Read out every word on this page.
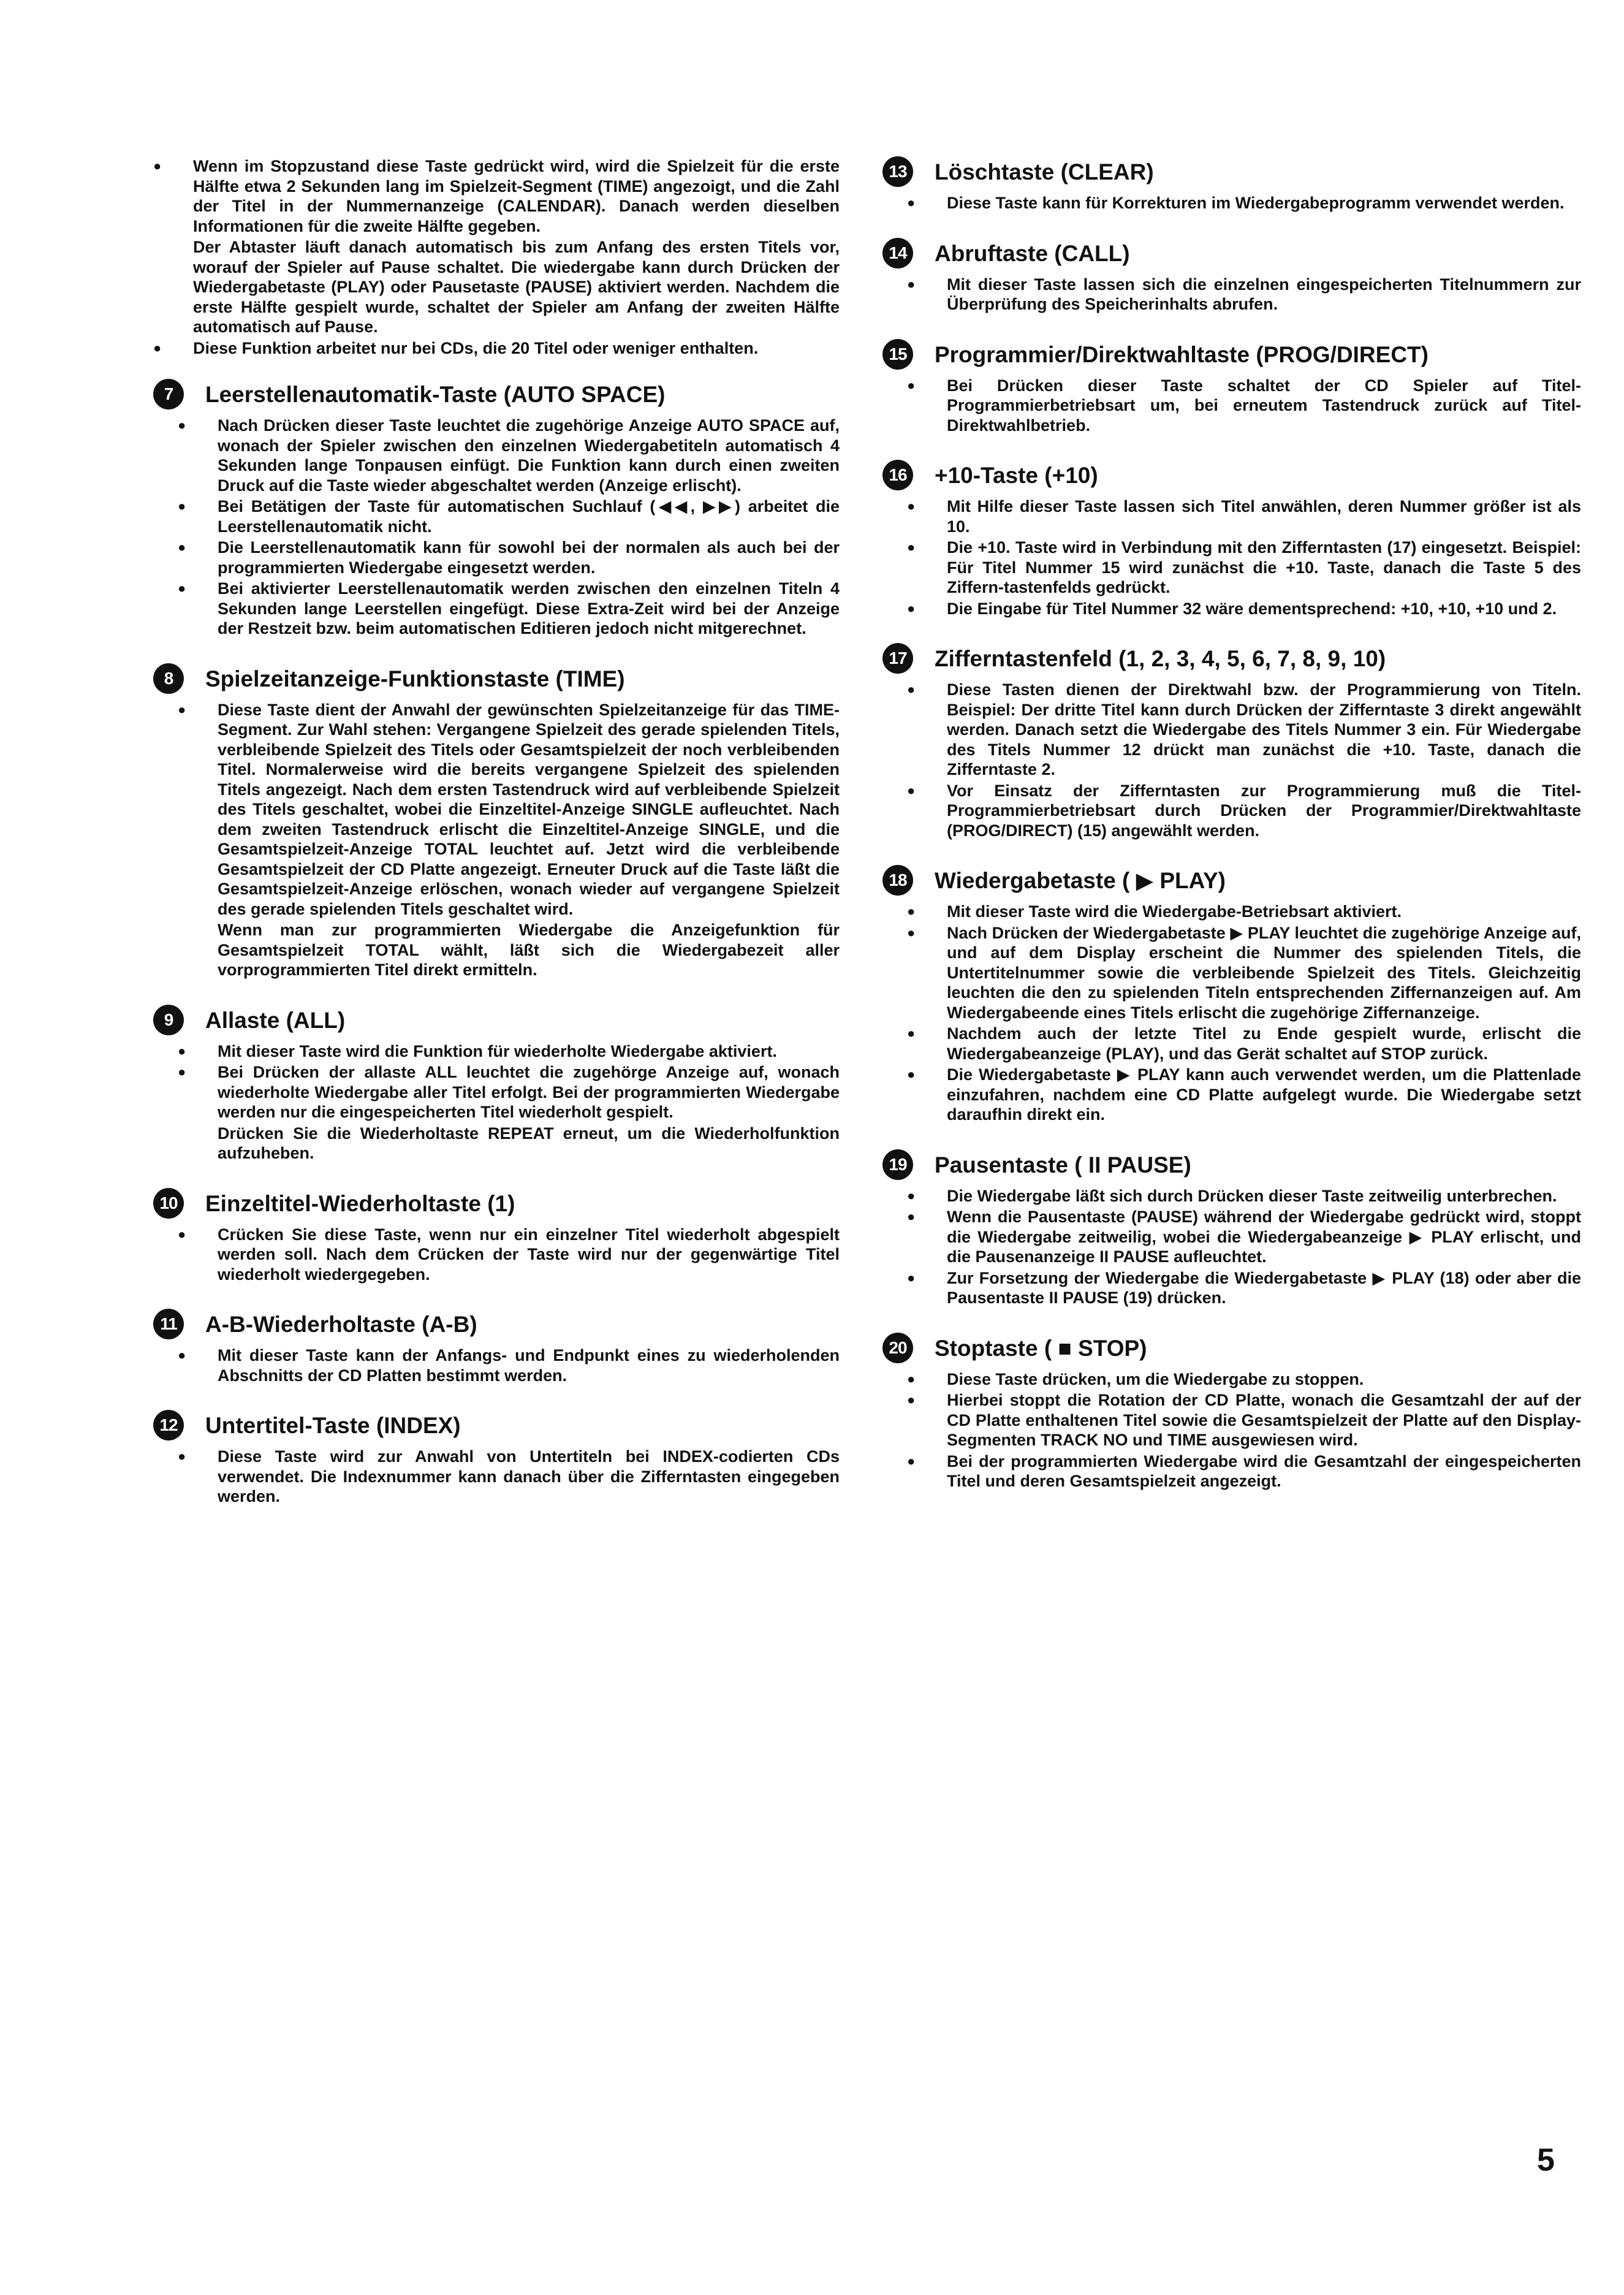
● Wenn im Stopzustand diese Taste gedrückt wird, wird die Spielzeit für die erste Hälfte etwa 2 Sekunden lang im Spielzeit-Segment (TIME) angezoigt, und die Zahl der Titel in der Nummernanzeige (CALENDAR). Danach werden dieselben Informationen für die zweite Hälfte gegeben.
Der Abtaster läuft danach automatisch bis zum Anfang des ersten Titels vor, worauf der Spieler auf Pause schaltet. Die wiedergabe kann durch Drücken der Wiedergabetaste (PLAY) oder Pausetaste (PAUSE) aktiviert werden. Nachdem die erste Hälfte gespielt wurde, schaltet der Spieler am Anfang der zweiten Hälfte automatisch auf Pause.
● Diese Funktion arbeitet nur bei CDs, die 20 Titel oder weniger enthalten.
7	Leerstellenautomatik-Taste (AUTO SPACE)
● Nach Drücken dieser Taste leuchtet die zugehörige Anzeige AUTO SPACE auf, wonach der Spieler zwischen den einzelnen Wiedergabetiteln automatisch 4 Sekunden lange Tonpausen einfügt. Die Funktion kann durch einen zweiten Druck auf die Taste wieder abgeschaltet werden (Anzeige erlischt).
● Bei Betätigen der Taste für automatischen Suchlauf (◀◀, ▶▶) arbeitet die Leerstellenautomatik nicht.
● Die Leerstellenautomatik kann für sowohl bei der normalen als auch bei der programmierten Wiedergabe eingesetzt werden.
● Bei aktivierter Leerstellenautomatik werden zwischen den einzelnen Titeln 4 Sekunden lange Leerstellen eingefügt. Diese Extra-Zeit wird bei der Anzeige der Restzeit bzw. beim automatischen Editieren jedoch nicht mitgerechnet.
8	Spielzeitanzeige-Funktionstaste (TIME)
● Diese Taste dient der Anwahl der gewünschten Spielzeitanzeige für das TIME-Segment. Zur Wahl stehen: Vergangene Spielzeit des gerade spielenden Titels, verbleibende Spielzeit des Titels oder Gesamtspielzeit der noch verbleibenden Titel. Normalerweise wird die bereits vergangene Spielzeit des spielenden Titels angezeigt. Nach dem ersten Tastendruck wird auf verbleibende Spielzeit des Titels geschaltet, wobei die Einzeltitel-Anzeige SINGLE aufleuchtet. Nach dem zweiten Tastendruck erlischt die Einzeltitel-Anzeige SINGLE, und die Gesamtspielzeit-Anzeige TOTAL leuchtet auf. Jetzt wird die verbleibende Gesamtspielzeit der CD Platte angezeigt. Erneuter Druck auf die Taste läßt die Gesamtspielzeit-Anzeige erlöschen, wonach wieder auf vergangene Spielzeit des gerade spielenden Titels geschaltet wird.
Wenn man zur programmierten Wiedergabe die Anzeigefunktion für Gesamtspielzeit TOTAL wählt, läßt sich die Wiedergabezeit aller vorprogrammierten Titel direkt ermitteln.
9	Allaste (ALL)
● Mit dieser Taste wird die Funktion für wiederholte Wiedergabe aktiviert.
● Bei Drücken der allaste ALL leuchtet die zugehörge Anzeige auf, wonach wiederholte Wiedergabe aller Titel erfolgt. Bei der programmierten Wiedergabe werden nur die eingespeicherten Titel wiederholt gespielt.
Drücken Sie die Wiederholtaste REPEAT erneut, um die Wiederholfunktion aufzuheben.
10 Einzeltitel-Wiederholtaste (1)
● Crücken Sie diese Taste, wenn nur ein einzelner Titel wiederholt abgespielt werden soll. Nach dem Crücken der Taste wird nur der gegenwärtige Titel wiederholt wiedergegeben.
11	A-B-Wiederholtaste (A-B)
● Mit dieser Taste kann der Anfangs- und Endpunkt eines zu wiederholenden Abschnitts der CD Platten bestimmt werden.
12 Untertitel-Taste (INDEX)
● Diese Taste wird zur Anwahl von Untertiteln bei INDEX-codierten CDs verwendet. Die Indexnummer kann danach über die Zifferntasten eingegeben werden.
13 Löschtaste (CLEAR)
● Diese Taste kann für Korrekturen im Wiedergabeprogramm verwendet werden.
14 Abruftaste (CALL)
● Mit dieser Taste lassen sich die einzelnen eingespeicherten Titelnummern zur Überprüfung des Speicherinhalts abrufen.
15 Programmier/Direktwahltaste (PROG/DIRECT)
● Bei Drücken dieser Taste schaltet der CD Spieler auf Titel-Programmierbetriebsart um, bei erneutem Tastendruck zurück auf Titel-Direktwahlbetrieb.
16 +10-Taste (+10)
● Mit Hilfe dieser Taste lassen sich Titel anwählen, deren Nummer größer ist als 10.
● Die +10. Taste wird in Verbindung mit den Zifferntasten (17) eingesetzt. Beispiel: Für Titel Nummer 15 wird zunächst die +10. Taste, danach die Taste 5 des Ziffern-tastenfelds gedrückt.
● Die Eingabe für Titel Nummer 32 wäre dementsprechend: +10, +10, +10 und 2.
17 Zifferntastenfeld (1, 2, 3, 4, 5, 6, 7, 8, 9, 10)
● Diese Tasten dienen der Direktwahl bzw. der Programmierung von Titeln. Beispiel: Der dritte Titel kann durch Drücken der Zifferntaste 3 direkt angewählt werden. Danach setzt die Wiedergabe des Titels Nummer 3 ein. Für Wiedergabe des Titels Nummer 12 drückt man zunächst die +10. Taste, danach die Zifferntaste 2.
● Vor Einsatz der Zifferntasten zur Programmierung muß die Titel-Programmierbetriebsart durch Drücken der Programmier/Direktwahltaste (PROG/DIRECT) (15) angewählt werden.
18 Wiedergabetaste ( ▶ PLAY)
● Mit dieser Taste wird die Wiedergabe-Betriebsart aktiviert.
● Nach Drücken der Wiedergabetaste ▶ PLAY leuchtet die zugehörige Anzeige auf, und auf dem Display erscheint die Nummer des spielenden Titels, die Untertitelnummer sowie die verbleibende Spielzeit des Titels. Gleichzeitig leuchten die den zu spielenden Titeln entsprechenden Ziffernanzeigen auf. Am Wiedergabeende eines Titels erlischt die zugehörige Ziffernanzeige.
● Nachdem auch der letzte Titel zu Ende gespielt wurde, erlischt die Wiedergabeanzeige (PLAY), und das Gerät schaltet auf STOP zurück.
● Die Wiedergabetaste ▶ PLAY kann auch verwendet werden, um die Plattenlade einzufahren, nachdem eine CD Platte aufgelegt wurde. Die Wiedergabe setzt daraufhin direkt ein.
19 Pausentaste ( II PAUSE)
● Die Wiedergabe läßt sich durch Drücken dieser Taste zeitweilig unterbrechen.
● Wenn die Pausentaste (PAUSE) während der Wiedergabe gedrückt wird, stoppt die Wiedergabe zeitweilig, wobei die Wiedergabeanzeige ▶ PLAY erlischt, und die Pausenanzeige II PAUSE aufleuchtet.
● Zur Forsetzung der Wiedergabe die Wiedergabetaste ▶ PLAY (18) oder aber die Pausentaste II PAUSE (19) drücken.
20 Stoptaste ( ■ STOP)
● Diese Taste drücken, um die Wiedergabe zu stoppen.
● Hierbei stoppt die Rotation der CD Platte, wonach die Gesamtzahl der auf der CD Platte enthaltenen Titel sowie die Gesamtspielzeit der Platte auf den Display-Segmenten TRACK NO und TIME ausgewiesen wird.
● Bei der programmierten Wiedergabe wird die Gesamtzahl der eingespeicherten Titel und deren Gesamtspielzeit angezeigt.
5
